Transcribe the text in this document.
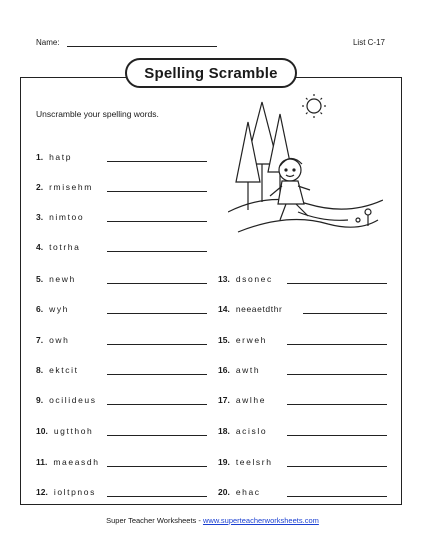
Name:	List C-17
Spelling Scramble
Unscramble your spelling words.
1. hatp
2. rmisehm
3. nimtoo
4. totrha
5. newh
6. wyh
7. owh
8. ektcit
9. ocilideus
10. ugtthoh
11. maeasdh
12. ioltpnos
13. dsonec
14. neeaetdthr
15. erweh
16. awth
17. awlhe
18. acislo
19. teelsrh
20. ehac
Super Teacher Worksheets - www.superteacherworksheets.com
